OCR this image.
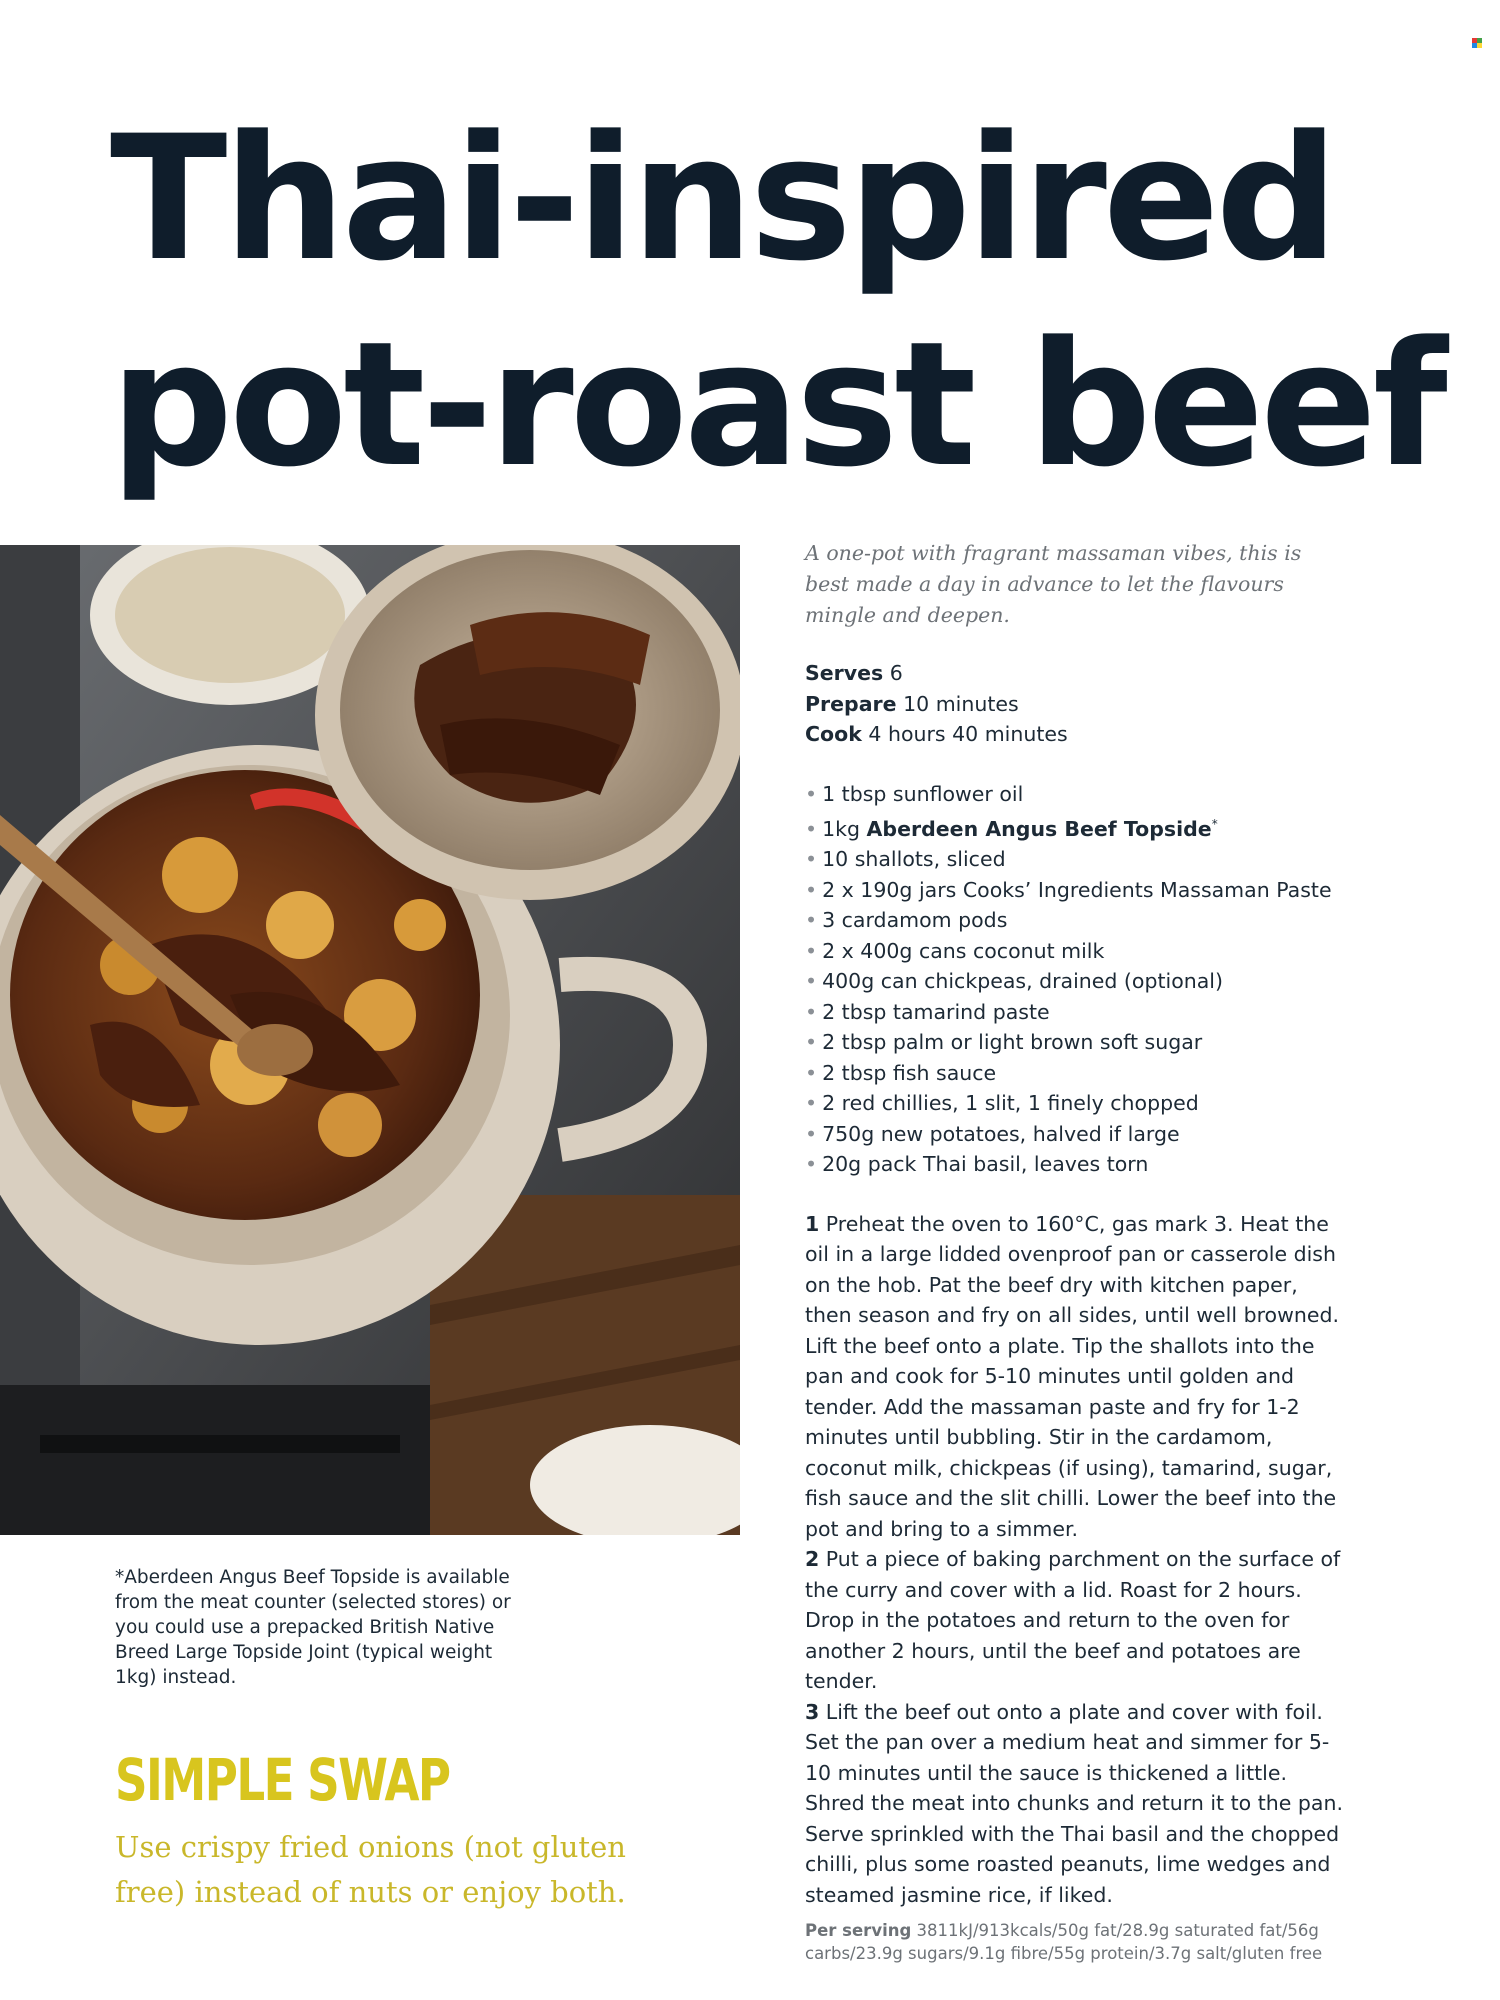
Thai-inspired
pot-roast beef

*Aberdeen Angus Beef Topside is available from the meat counter (selected stores) or you could use a prepacked British Native Breed Large Topside Joint (typical weight 1kg) instead.

SIMPLE SWAP

Use crispy fried onions (not gluten free) instead of nuts or enjoy both.

A one-pot with fragrant massaman vibes, this is best made a day in advance to let the flavours mingle and deepen.

Serves 6
Prepare 10 minutes
Cook 4 hours 40 minutes
• 1 tbsp sunflower oil
• 1kg Aberdeen Angus Beef Topside*
• 10 shallots, sliced
• 2 x 190g jars Cooks’ Ingredients Massaman Paste
• 3 cardamom pods
• 2 x 400g cans coconut milk
• 400g can chickpeas, drained (optional)
• 2 tbsp tamarind paste
• 2 tbsp palm or light brown soft sugar
• 2 tbsp fish sauce
• 2 red chillies, 1 slit, 1 finely chopped
• 750g new potatoes, halved if large
• 20g pack Thai basil, leaves torn

1 Preheat the oven to 160°C, gas mark 3. Heat the oil in a large lidded ovenproof pan or casserole dish on the hob. Pat the beef dry with kitchen paper, then season and fry on all sides, until well browned. Lift the beef onto a plate. Tip the shallots into the pan and cook for 5-10 minutes until golden and tender. Add the massaman paste and fry for 1-2 minutes until bubbling. Stir in the cardamom, coconut milk, chickpeas (if using), tamarind, sugar, fish sauce and the slit chilli. Lower the beef into the pot and bring to a simmer.

2 Put a piece of baking parchment on the surface of the curry and cover with a lid. Roast for 2 hours. Drop in the potatoes and return to the oven for another 2 hours, until the beef and potatoes are tender.

3 Lift the beef out onto a plate and cover with foil. Set the pan over a medium heat and simmer for 5-10 minutes until the sauce is thickened a little. Shred the meat into chunks and return it to the pan. Serve sprinkled with the Thai basil and the chopped chilli, plus some roasted peanuts, lime wedges and steamed jasmine rice, if liked.

Per serving 3811kJ/913kcals/50g fat/28.9g saturated fat/56g carbs/23.9g sugars/9.1g fibre/55g protein/3.7g salt/gluten free
